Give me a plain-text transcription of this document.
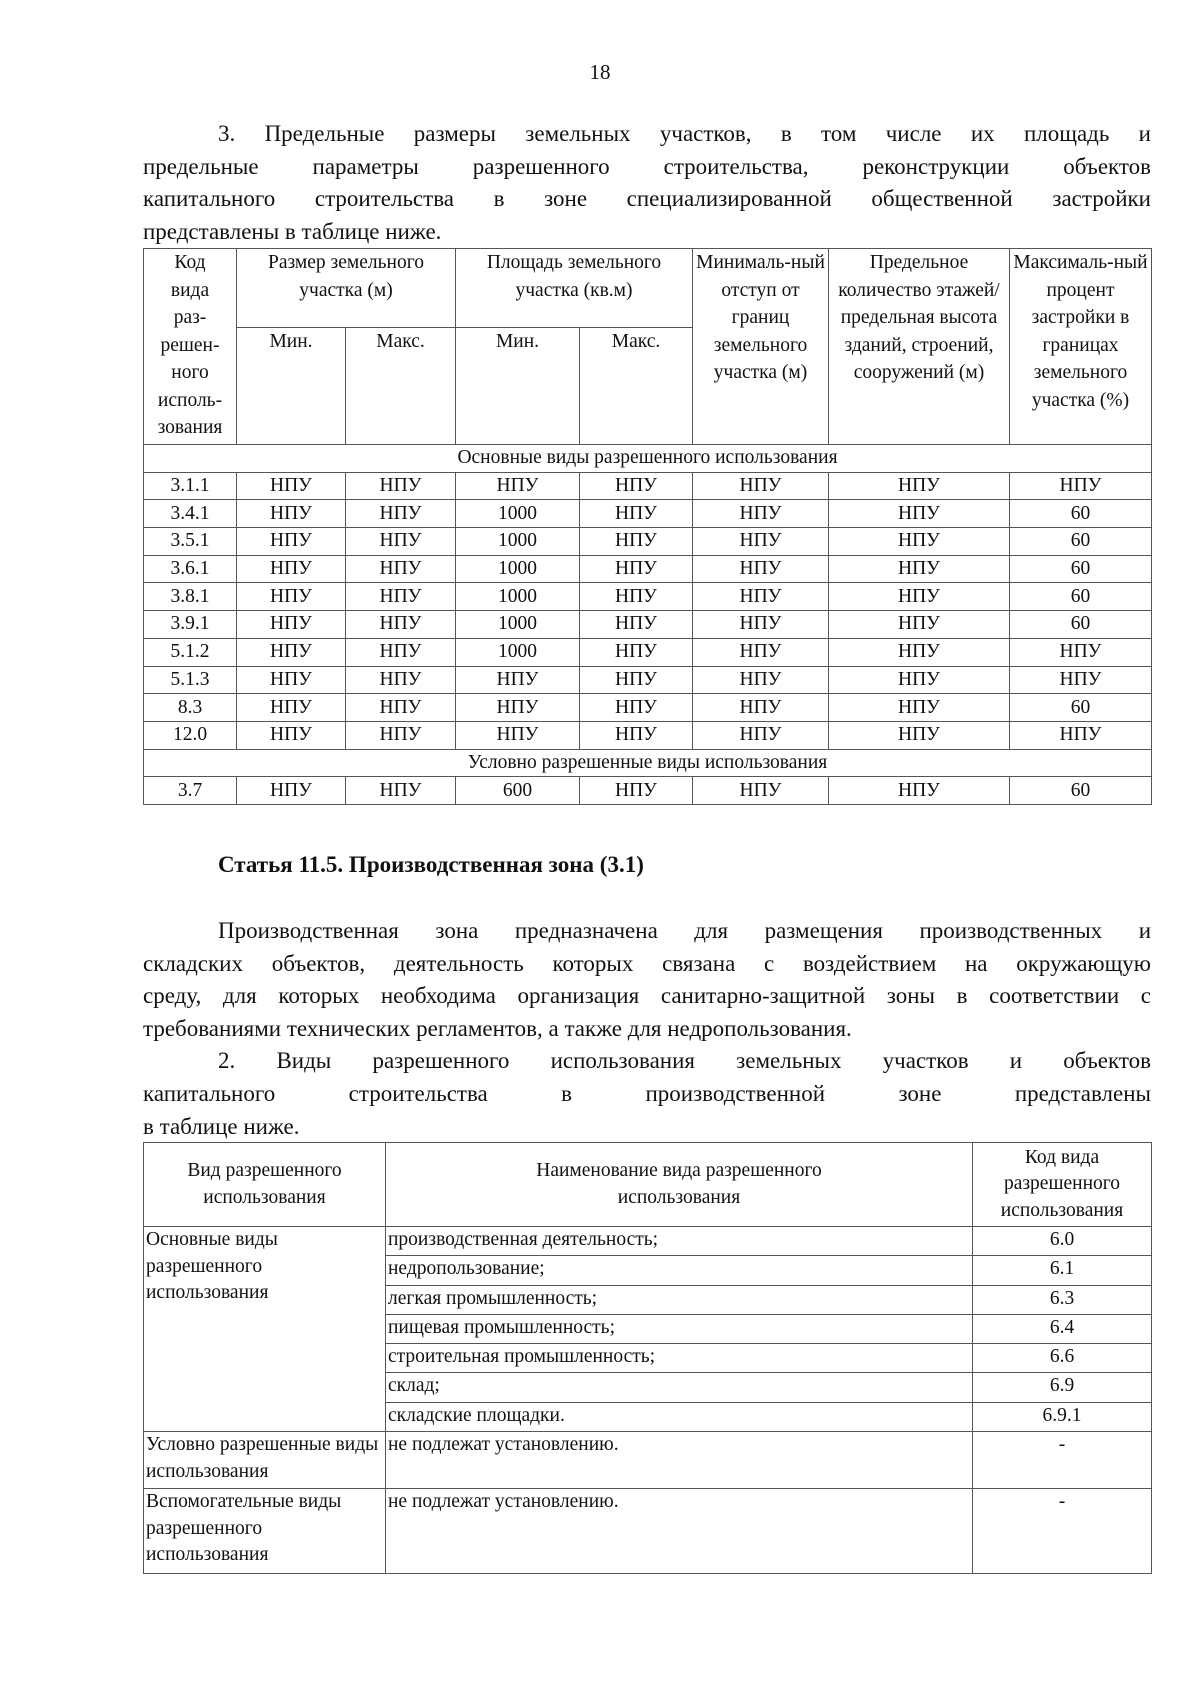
18
3. Предельные размеры земельных участков, в том числе их площадь и
предельные параметры разрешенного строительства, реконструкции объектов
капитального строительства в зоне специализированной общественной застройки
представлены в таблице ниже.
Код вида раз-решен-ного исполь-зования	Размер земельного участка (м)		Площадь земельного участка (кв.м)		Минималь-ный отступ от границ земельного участка (м)	Предельное количество этажей/ предельная высота зданий, строений, сооружений (м)	Максималь-ный процент застройки в границах земельного участка (%)
	Мин.	Макс.	Мин.	Макс.			
Основные виды разрешенного использования							
3.1.1	НПУ	НПУ	НПУ	НПУ	НПУ	НПУ	НПУ
3.4.1	НПУ	НПУ	1000	НПУ	НПУ	НПУ	60
3.5.1	НПУ	НПУ	1000	НПУ	НПУ	НПУ	60
3.6.1	НПУ	НПУ	1000	НПУ	НПУ	НПУ	60
3.8.1	НПУ	НПУ	1000	НПУ	НПУ	НПУ	60
3.9.1	НПУ	НПУ	1000	НПУ	НПУ	НПУ	60
5.1.2	НПУ	НПУ	1000	НПУ	НПУ	НПУ	НПУ
5.1.3	НПУ	НПУ	НПУ	НПУ	НПУ	НПУ	НПУ
8.3	НПУ	НПУ	НПУ	НПУ	НПУ	НПУ	60
12.0	НПУ	НПУ	НПУ	НПУ	НПУ	НПУ	НПУ
Условно разрешенные виды использования							
3.7	НПУ	НПУ	600	НПУ	НПУ	НПУ	60
Статья 11.5. Производственная зона (3.1)
Производственная зона предназначена для размещения производственных и
складских объектов, деятельность которых связана с воздействием на окружающую
среду, для которых необходима организация санитарно-защитной зоны в соответствии с
требованиями технических регламентов, а также для недропользования.
2. Виды разрешенного использования земельных участков и объектов
капитального строительства в производственной зоне представлены
в таблице ниже.
Вид разрешенного использования	Наименование вида разрешенного использования	Код вида разрешенного использования
Основные виды разрешенного использования	производственная деятельность;	6.0
	недропользование;	6.1
	легкая промышленность;	6.3
	пищевая промышленность;	6.4
	строительная промышленность;	6.6
	склад;	6.9
	складские площадки.	6.9.1
Условно разрешенные виды использования	не подлежат установлению.	-
Вспомогательные виды разрешенного использования	не подлежат установлению.	-
